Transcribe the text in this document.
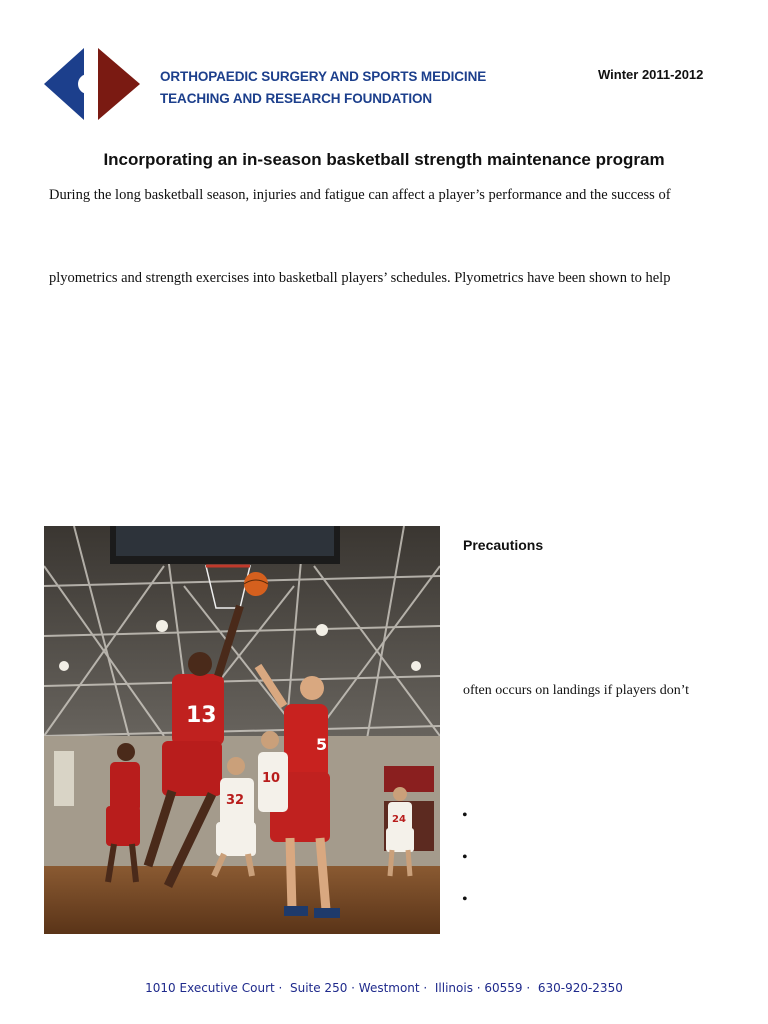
ORTHOPAEDIC SURGERY AND SPORTS MEDICINE
TEACHING AND RESEARCH FOUNDATION
Winter 2011-2012
Incorporating an in-season basketball strength maintenance program
During the long basketball season, injuries and fatigue can affect a player’s performance and the success of
plyometrics and strength exercises into basketball players’ schedules. Plyometrics have been shown to help
13
5
32
10
24
Precautions
often occurs on landings if players don’t
•
•
•
1010 Executive Court ·  Suite 250 · Westmont ·  Illinois · 60559 ·  630-920-2350
